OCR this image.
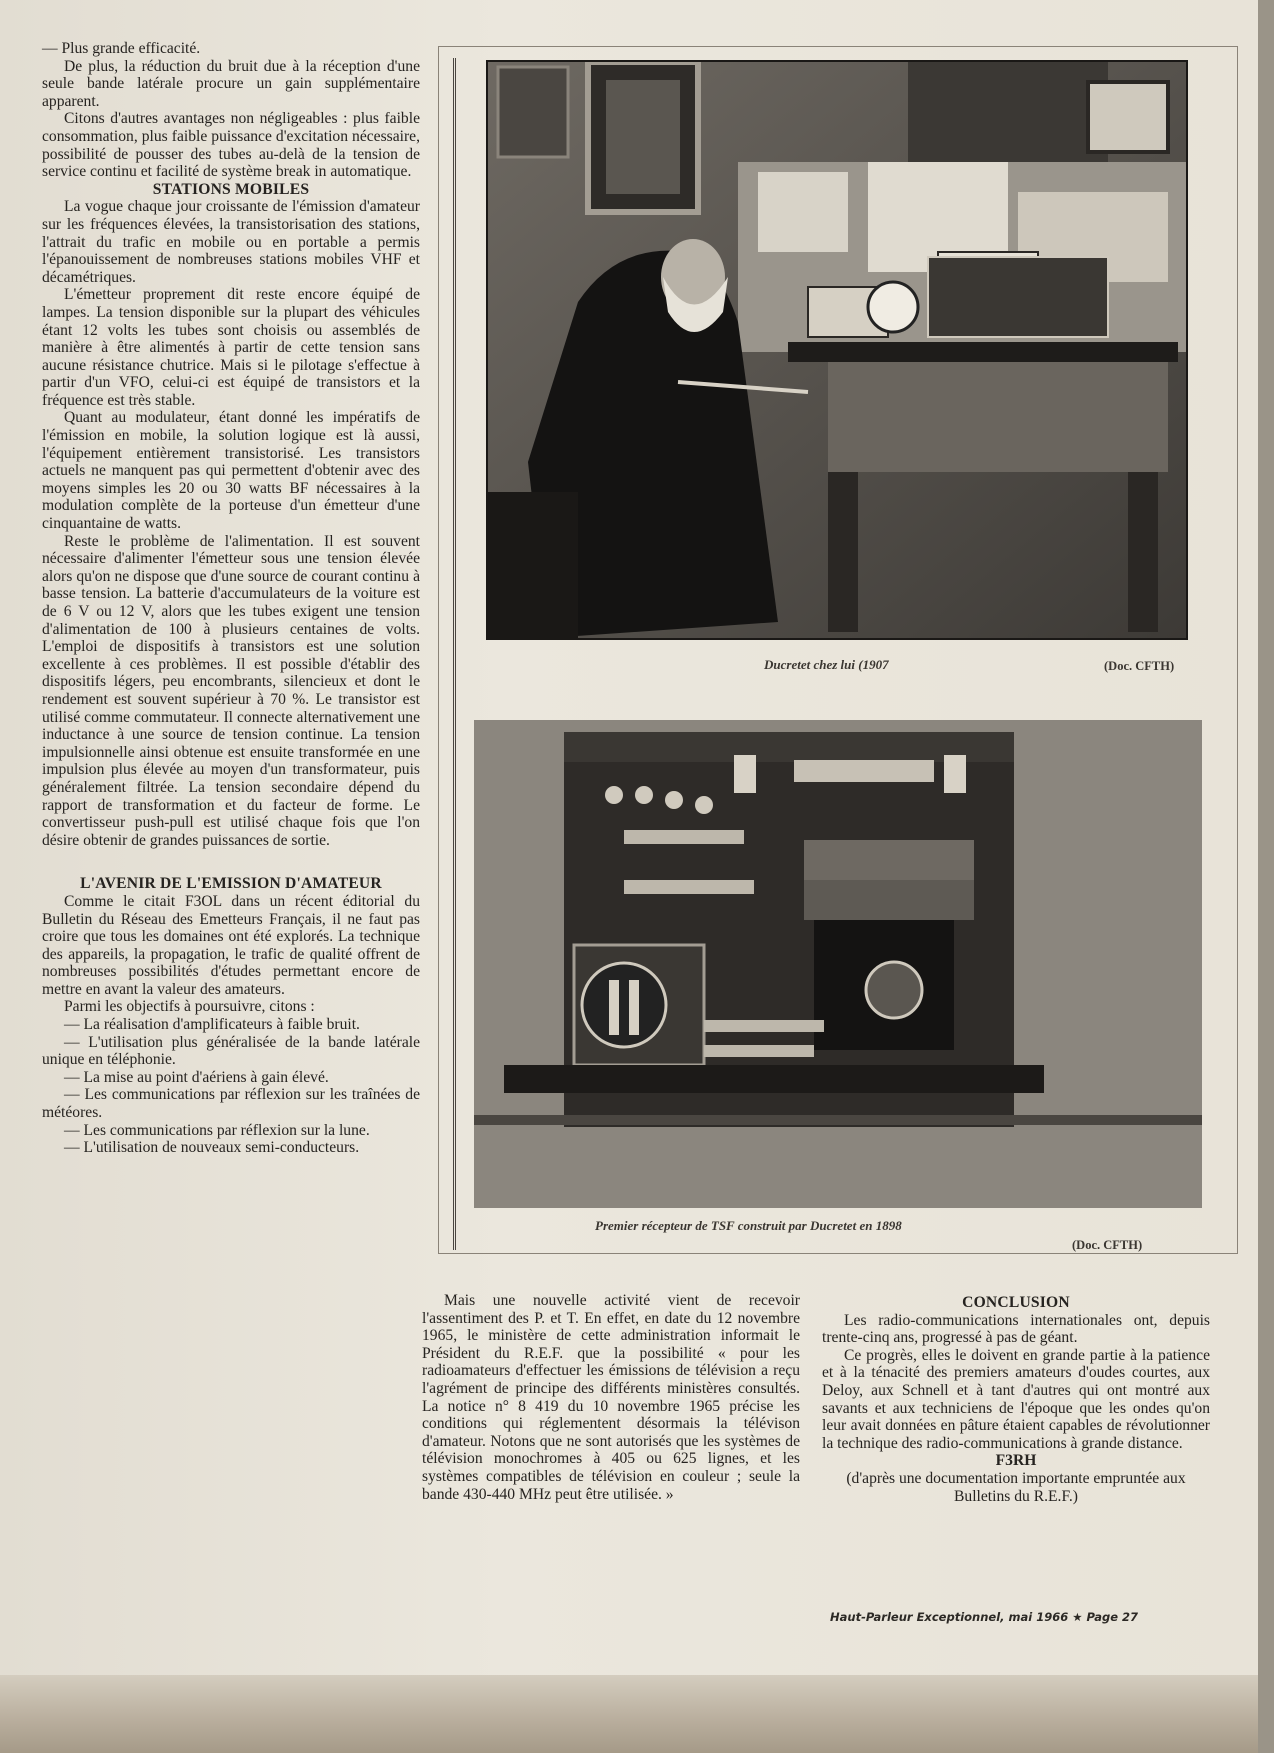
— Plus grande efficacité.

De plus, la réduction du bruit due à la réception d'une seule bande latérale procure un gain supplémentaire apparent.

Citons d'autres avantages non négligeables : plus faible consommation, plus faible puissance d'excitation nécessaire, possibilité de pousser des tubes au-delà de la tension de service continu et facilité de système break in automatique.

STATIONS MOBILES

La vogue chaque jour croissante de l'émission d'amateur sur les fréquences élevées, la transistorisation des stations, l'attrait du trafic en mobile ou en portable a permis l'épanouissement de nombreuses stations mobiles VHF et décamétriques.

L'émetteur proprement dit reste encore équipé de lampes. La tension disponible sur la plupart des véhicules étant 12 volts les tubes sont choisis ou assemblés de manière à être alimentés à partir de cette tension sans aucune résistance chutrice. Mais si le pilotage s'effectue à partir d'un VFO, celui-ci est équipé de transistors et la fréquence est très stable.

Quant au modulateur, étant donné les impératifs de l'émission en mobile, la solution logique est là aussi, l'équipement entièrement transistorisé. Les transistors actuels ne manquent pas qui permettent d'obtenir avec des moyens simples les 20 ou 30 watts BF nécessaires à la modulation complète de la porteuse d'un émetteur d'une cinquantaine de watts.

Reste le problème de l'alimentation. Il est souvent nécessaire d'alimenter l'émetteur sous une tension élevée alors qu'on ne dispose que d'une source de courant continu à basse tension. La batterie d'accumulateurs de la voiture est de 6 V ou 12 V, alors que les tubes exigent une tension d'alimentation de 100 à plusieurs centaines de volts. L'emploi de dispositifs à transistors est une solution excellente à ces problèmes. Il est possible d'établir des dispositifs légers, peu encombrants, silencieux et dont le rendement est souvent supérieur à 70 %. Le transistor est utilisé comme commutateur. Il connecte alternativement une inductance à une source de tension continue. La tension impulsionnelle ainsi obtenue est ensuite transformée en une impulsion plus élevée au moyen d'un transformateur, puis généralement filtrée. La tension secondaire dépend du rapport de transformation et du facteur de forme. Le convertisseur push-pull est utilisé chaque fois que l'on désire obtenir de grandes puissances de sortie.

L'AVENIR DE L'EMISSION D'AMATEUR

Comme le citait F3OL dans un récent éditorial du Bulletin du Réseau des Emetteurs Français, il ne faut pas croire que tous les domaines ont été explorés. La technique des appareils, la propagation, le trafic de qualité offrent de nombreuses possibilités d'études permettant encore de mettre en avant la valeur des amateurs.

Parmi les objectifs à poursuivre, citons :

— La réalisation d'amplificateurs à faible bruit.

— L'utilisation plus généralisée de la bande latérale unique en téléphonie.

— La mise au point d'aériens à gain élevé.

— Les communications par réflexion sur les traînées de météores.

— Les communications par réflexion sur la lune.

— L'utilisation de nouveaux semi-conducteurs.

Ducretet chez lui (1907	(Doc. CFTH)
Premier récepteur de TSF construit par Ducretet en 1898
(Doc. CFTH)

Mais une nouvelle activité vient de recevoir l'assentiment des P. et T. En effet, en date du 12 novembre 1965, le ministère de cette administration informait le Président du R.E.F. que la possibilité « pour les radioamateurs d'effectuer les émissions de télévision a reçu l'agrément de principe des différents ministères consultés. La notice n° 8 419 du 10 novembre 1965 précise les conditions qui réglementent désormais la télévison d'amateur. Notons que ne sont autorisés que les systèmes de télévision monochromes à 405 ou 625 lignes, et les systèmes compatibles de télévision en couleur ; seule la bande 430-440 MHz peut être utilisée. »

CONCLUSION

Les radio-communications internationales ont, depuis trente-cinq ans, progressé à pas de géant.

Ce progrès, elles le doivent en grande partie à la patience et à la ténacité des premiers amateurs d'oudes courtes, aux Deloy, aux Schnell et à tant d'autres qui ont montré aux savants et aux techniciens de l'époque que les ondes qu'on leur avait données en pâture étaient capables de révolutionner la technique des radio-communications à grande distance.

F3RH

(d'après une documentation importante empruntée aux Bulletins du R.E.F.)

Haut-Parleur Exceptionnel, mai 1966 ★ Page 27
